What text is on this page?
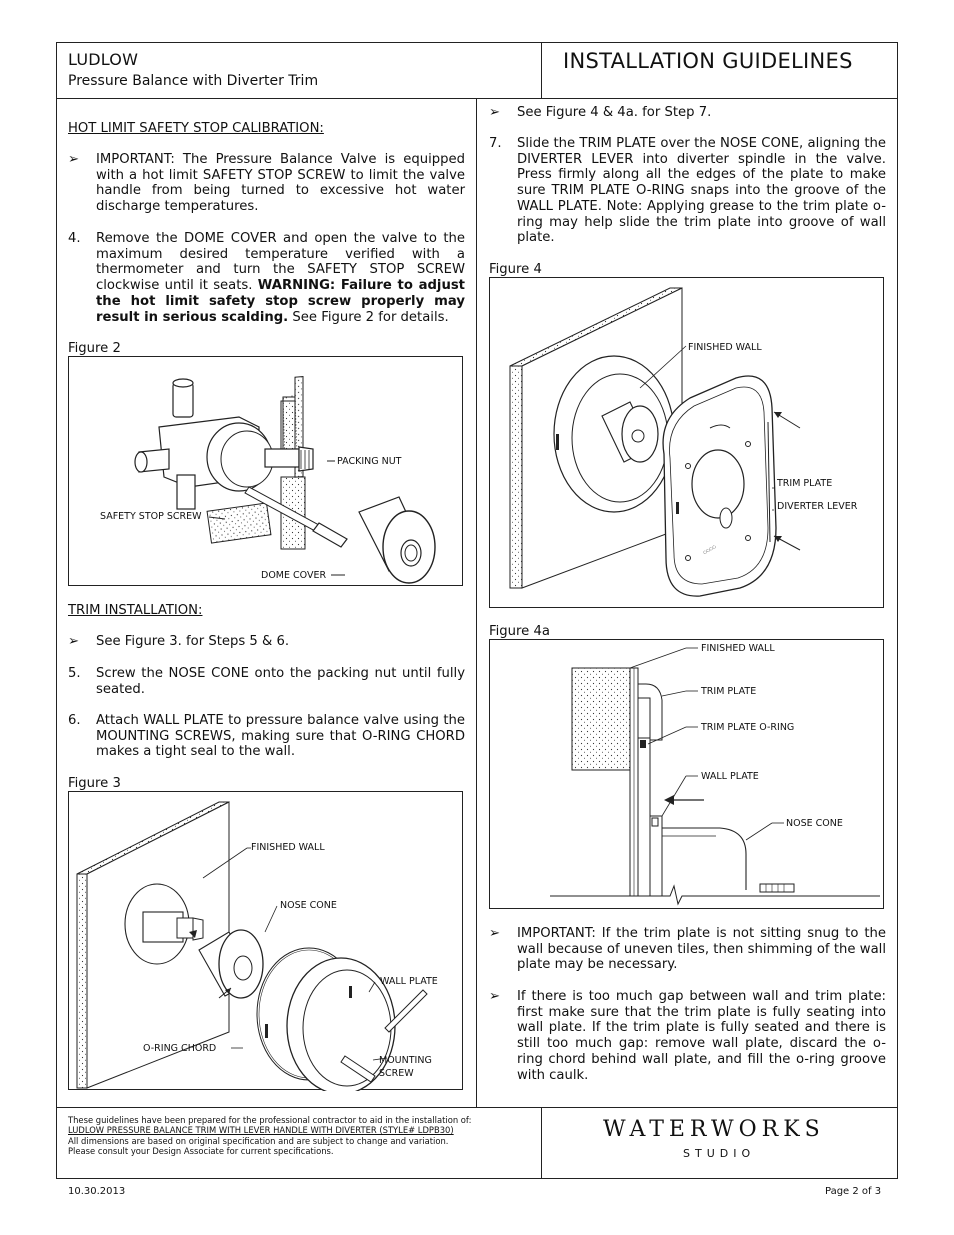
LUDLOW
Pressure Balance with Diverter Trim
INSTALLATION GUIDELINES
HOT LIMIT SAFETY STOP CALIBRATION:
➢	IMPORTANT: The Pressure Balance Valve is equipped with a hot limit SAFETY STOP SCREW to limit the valve handle from being turned to excessive hot water discharge temperatures.
4.	Remove the DOME COVER and open the valve to the maximum desired temperature verified with a thermometer and turn the SAFETY STOP SCREW clockwise until it seats. WARNING: Failure to adjust the hot limit safety stop screw properly may result in serious scalding. See Figure 2 for details.
Figure 2
PACKING NUT
SAFETY STOP SCREW
DOME COVER
TRIM INSTALLATION:
➢	See Figure 3. for Steps 5 & 6.
5.	Screw the NOSE CONE onto the packing nut until fully seated.
6.	Attach WALL PLATE to pressure balance valve using the MOUNTING SCREWS, making sure that O-RING CHORD makes a tight seal to the wall.
Figure 3
FINISHED WALL
NOSE CONE
WALL PLATE
O-RING CHORD
MOUNTING
SCREW
➢	See Figure 4 & 4a. for Step 7.
7.	Slide the TRIM PLATE over the NOSE CONE, aligning the DIVERTER LEVER into diverter spindle in the valve. Press firmly along all the edges of the plate to make sure TRIM PLATE O-RING snaps into the groove of the WALL PLATE. Note: Applying grease to the trim plate o-ring may help slide the trim plate into groove of wall plate.
Figure 4
○○○○
FINISHED WALL
TRIM PLATE
DIVERTER LEVER
Figure 4a
FINISHED WALL
TRIM PLATE
TRIM PLATE O-RING
WALL PLATE
NOSE CONE
➢	IMPORTANT: If the trim plate is not sitting snug to the wall because of uneven tiles, then shimming of the wall plate may be necessary.
➢	If there is too much gap between wall and trim plate: first make sure that the trim plate is fully seating into wall plate. If the trim plate is fully seated and there is still too much gap: remove wall plate, discard the o-ring chord behind wall plate, and fill the o-ring groove with caulk.
These guidelines have been prepared for the professional contractor to aid in the installation of:
LUDLOW PRESSURE BALANCE TRIM WITH LEVER HANDLE WITH DIVERTER (STYLE# LDPB30)
All dimensions are based on original specification and are subject to change and variation.
Please consult your Design Associate for current specifications.
WATERWORKS
STUDIO
10.30.2013	Page 2 of 3
